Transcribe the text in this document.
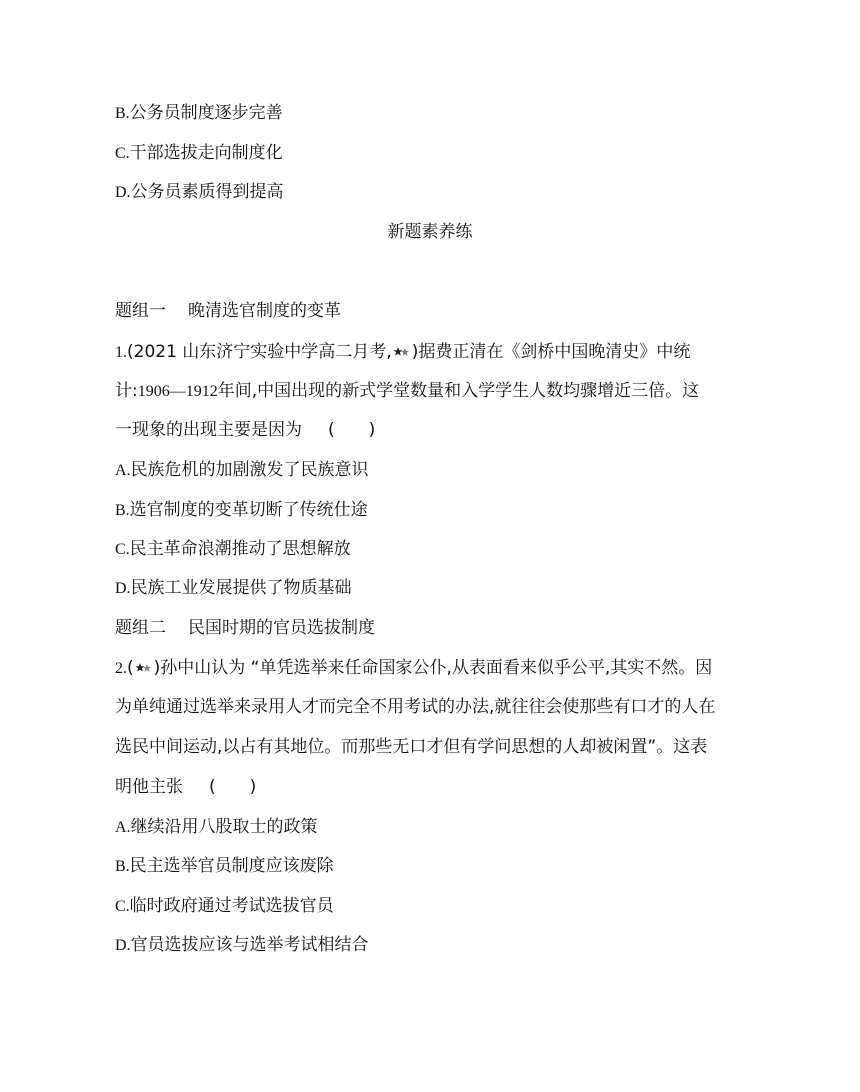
B.公务员制度逐步完善
C.干部选拔走向制度化
D.公务员素质得到提高
新题素养练
题组一 晚清选官制度的变革
1.(2021 山东济宁实验中学高二月考, )据费正清在《剑桥中国晚清史》中统
计:1906—1912年间,中国出现的新式学堂数量和入学学生人数均骤增近三倍。这
一现象的出现主要是因为 (　　)
A.民族危机的加剧激发了民族意识
B.选官制度的变革切断了传统仕途
C.民主革命浪潮推动了思想解放
D.民族工业发展提供了物质基础
题组二 民国时期的官员选拔制度
2.( )孙中山认为 “单凭选举来任命国家公仆,从表面看来似乎公平,其实不然。因
为单纯通过选举来录用人才而完全不用考试的办法,就往往会使那些有口才的人在
选民中间运动,以占有其地位。而那些无口才但有学问思想的人却被闲置”。这表
明他主张 (　　)
A.继续沿用八股取士的政策
B.民主选举官员制度应该废除
C.临时政府通过考试选拔官员
D.官员选拔应该与选举考试相结合
